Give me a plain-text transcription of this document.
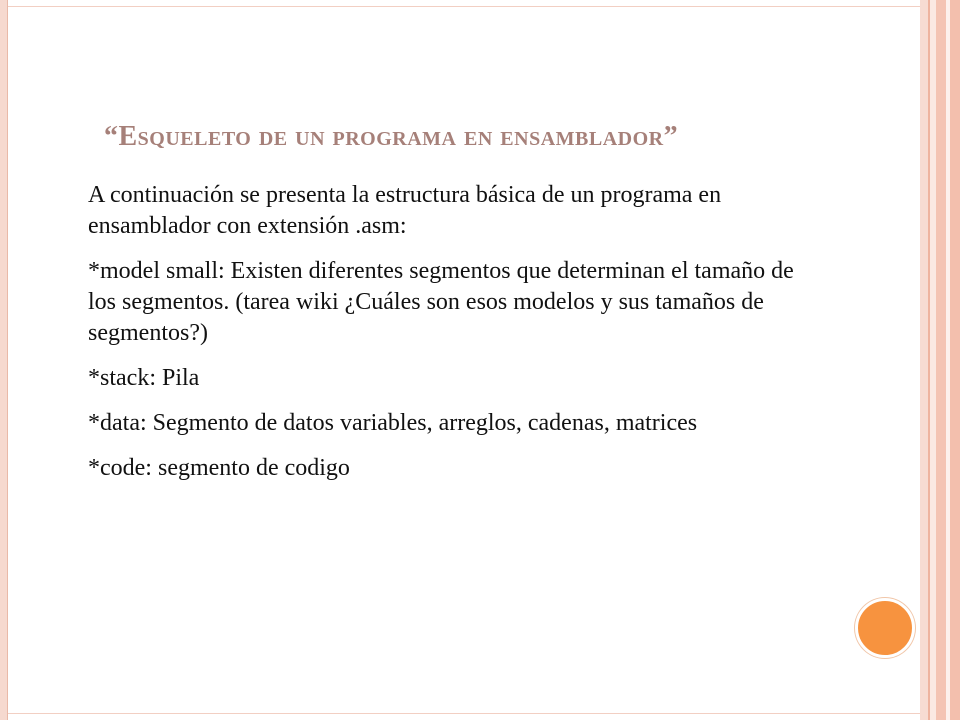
“Esqueleto de un programa en ensamblador”

A continuación se presenta la estructura básica de un programa en ensamblador con extensión .asm:

*model small: Existen diferentes segmentos que determinan el tamaño de los segmentos. (tarea wiki ¿Cuáles son esos modelos y sus tamaños de segmentos?)

*stack: Pila

*data: Segmento de datos variables, arreglos, cadenas, matrices

*code: segmento de codigo
